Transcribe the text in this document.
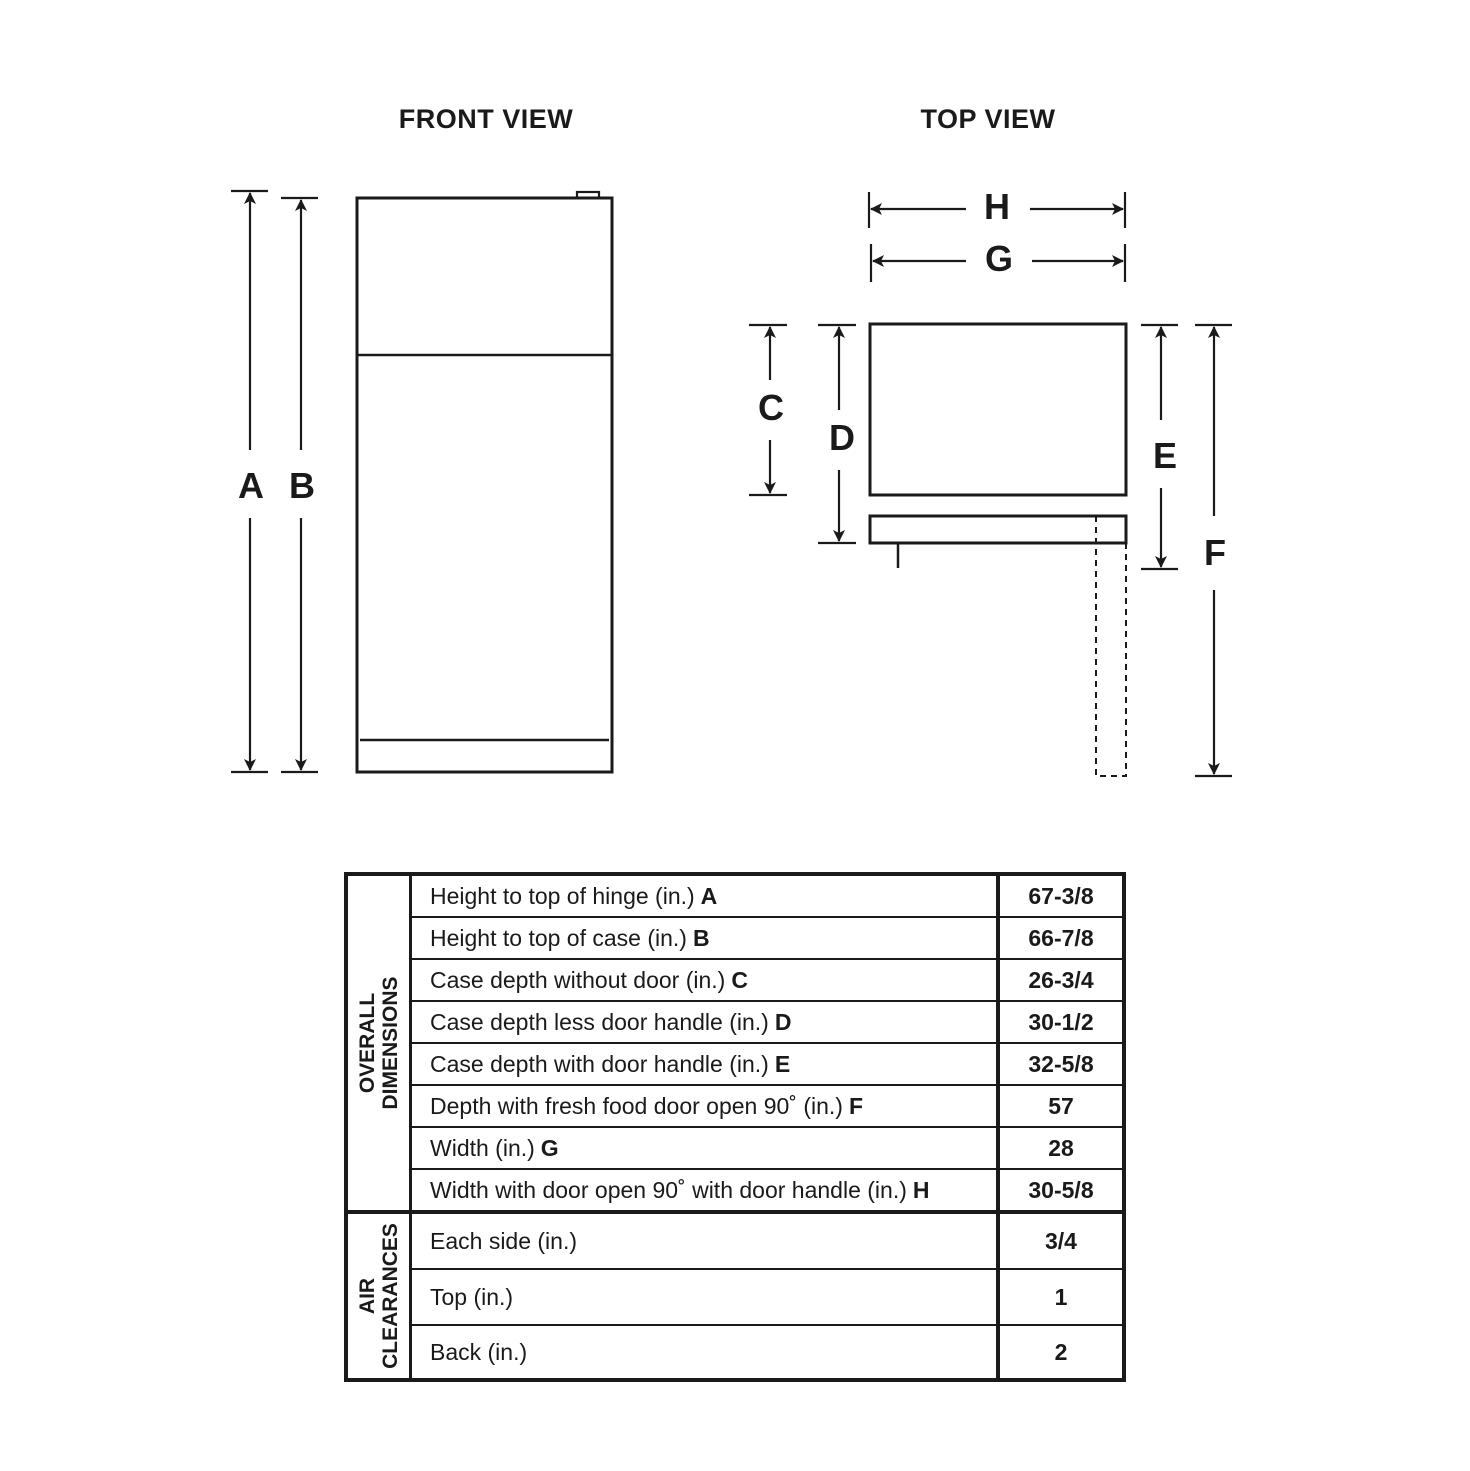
FRONT VIEW	TOP VIEW
A B
H
G
C
D	E
F
OVERALL DIMENSIONS
Height to top of hinge (in.) A	67-3/8
Height to top of case (in.) B	66-7/8
Case depth without door (in.) C	26-3/4
Case depth less door handle (in.) D	30-1/2
Case depth with door handle (in.) E	32-5/8
Depth with fresh food door open 90˚ (in.) F	57
Width (in.) G	28
Width with door open 90˚ with door handle (in.) H	30-5/8
AIR CLEARANCES	Each side (in.)	3/4
Top (in.)	1
Back (in.)	2
